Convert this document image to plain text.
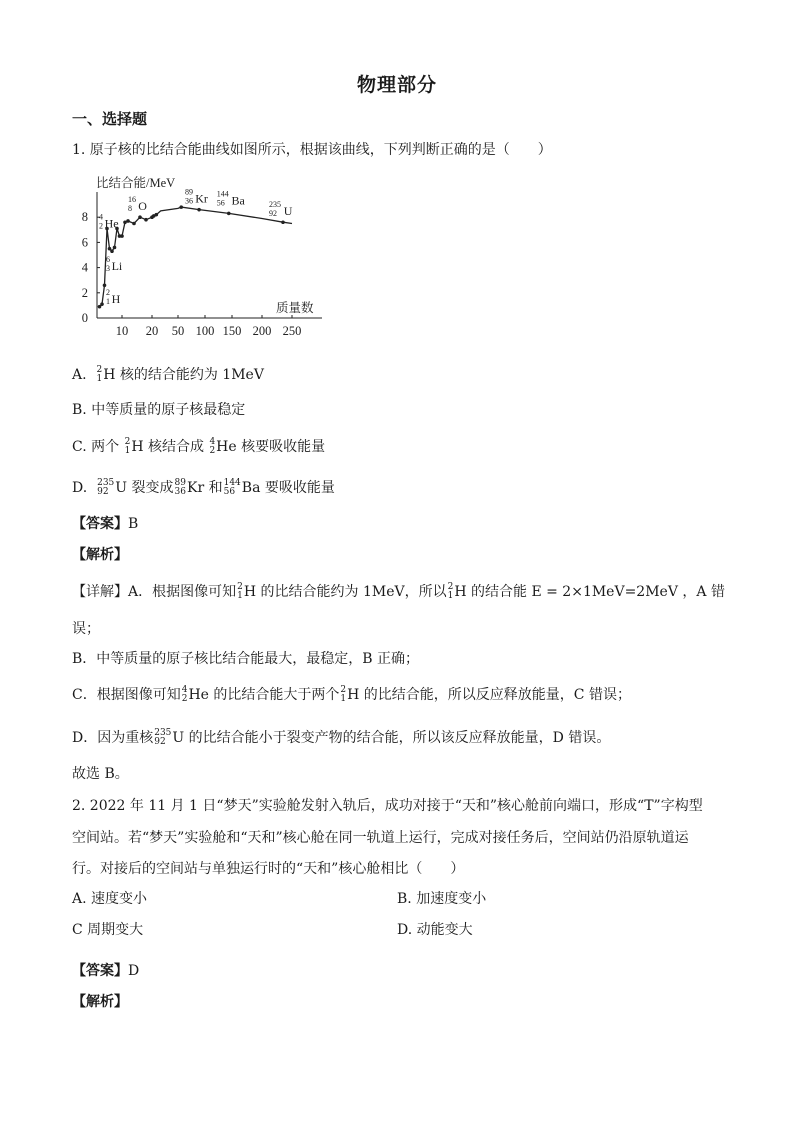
物理部分
一、选择题
1. 原子核的比结合能曲线如图所示，根据该曲线，下列判断正确的是（　　）
比结合能/MeV
0
2
4
6
8
10 20 50 100 150 200 250
质量数
2
1 H
4
2 He
6
3 Li
16
8 O
89
36 Kr 144
56 Ba	235
92 U
A. 2
1 H 核的结合能约为 1MeV
B. 中等质量的原子核最稳定
C. 两个 2
1 H 核结合成 4
2 He 核要吸收能量
D. 235
92 U 裂变成 89
36 Kr 和 144
56 Ba 要吸收能量
【答案】B
【解析】
【详解】A．根据图像可知 2
1 H 的比结合能约为 1MeV，所以 2
1 H 的结合能 E = 2×1MeV=2MeV ，A 错
误；
B．中等质量的原子核比结合能最大，最稳定，B 正确；
C．根据图像可知 4
2 He 的比结合能大于两个 2
1 H 的比结合能，所以反应释放能量，C 错误；
D．因为重核 235
92 U 的比结合能小于裂变产物的结合能，所以该反应释放能量，D 错误。
故选 B。
2. 2022 年 11 月 1 日“梦天”实验舱发射入轨后，成功对接于“天和”核心舱前向端口，形成“T”字构型
空间站。若“梦天”实验舱和“天和”核心舱在同一轨道上运行，完成对接任务后，空间站仍沿原轨道运
行。对接后的空间站与单独运行时的“天和”核心舱相比（　　）
A. 速度变小	B. 加速度变小
C 周期变大	D. 动能变大
【答案】D
【解析】
